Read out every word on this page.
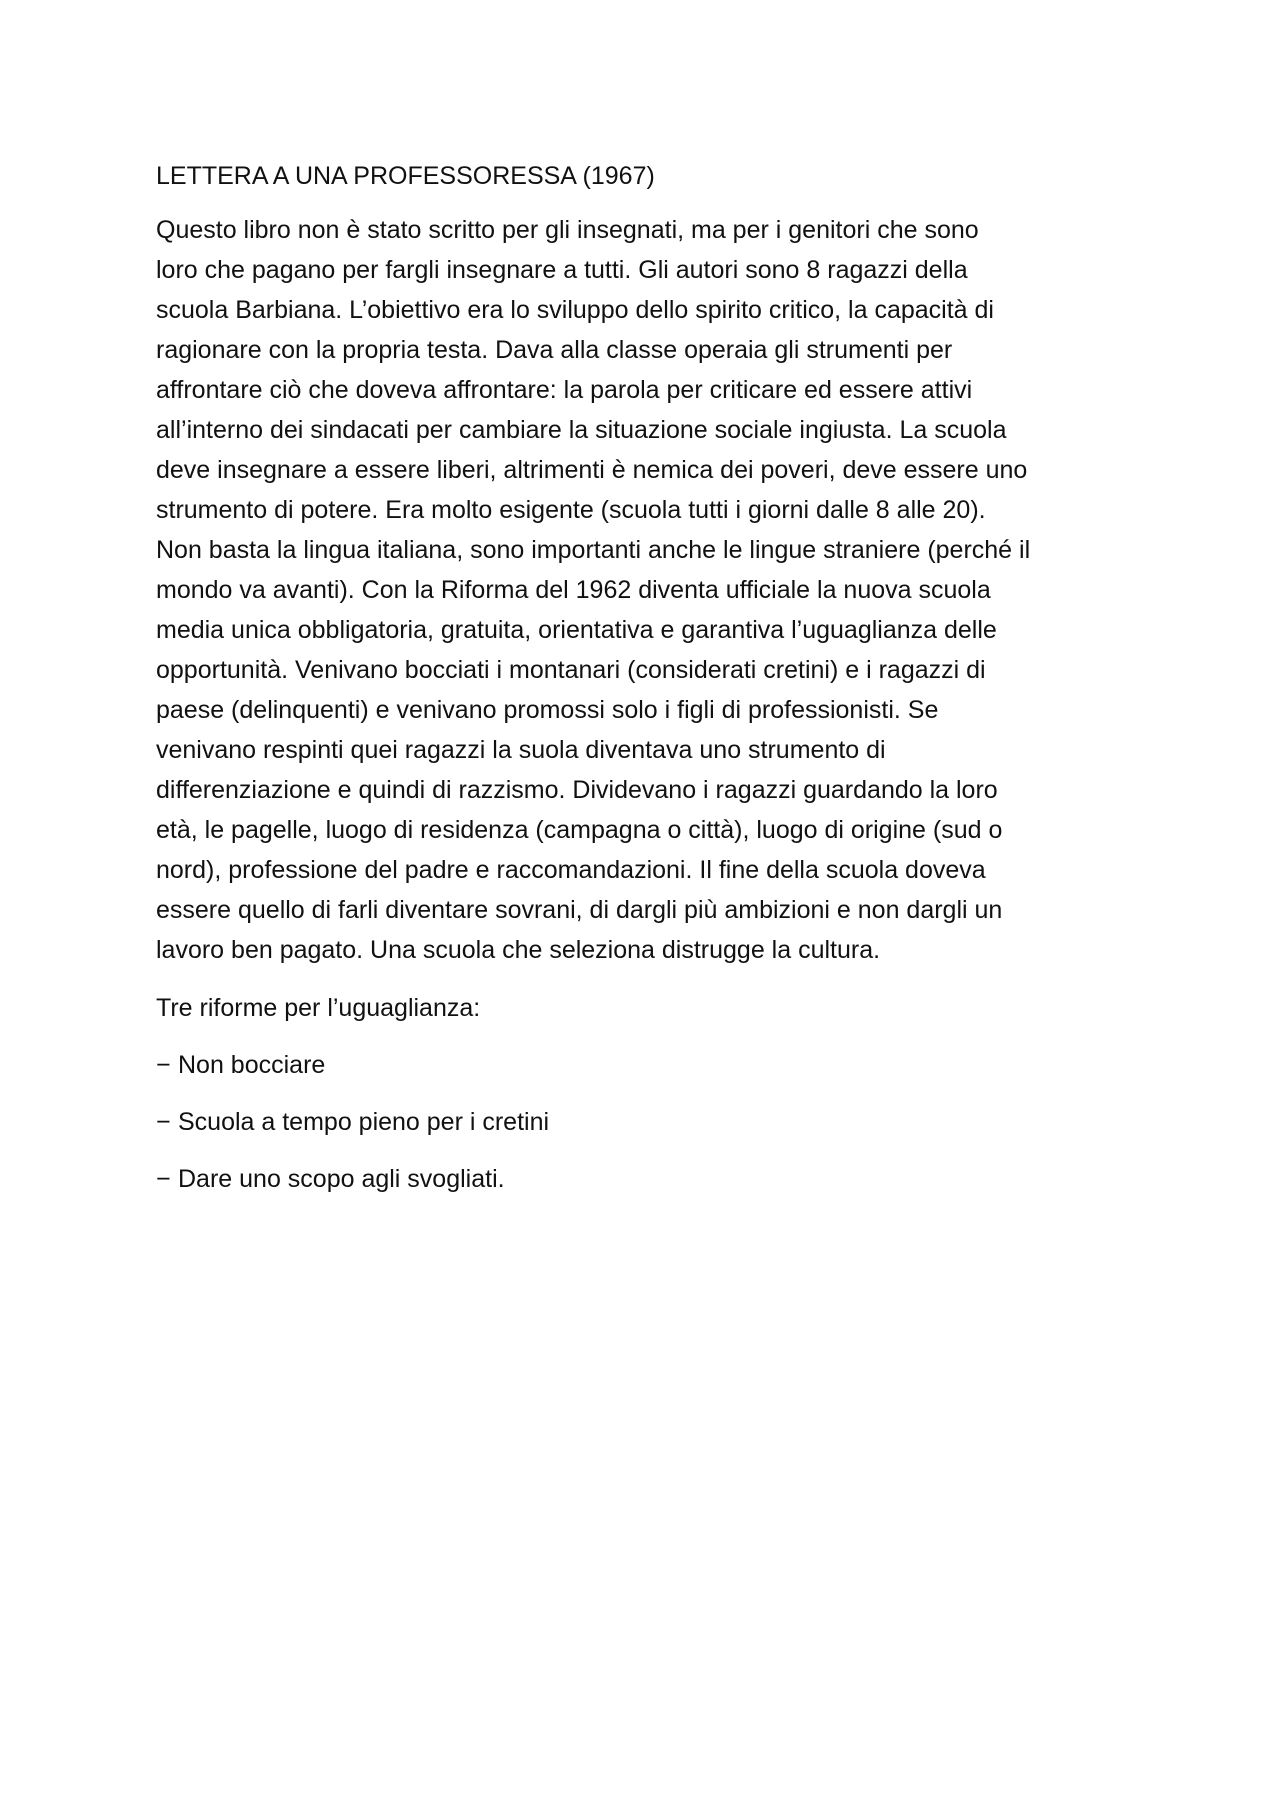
LETTERA A UNA PROFESSORESSA (1967)
Questo libro non è stato scritto per gli insegnati, ma per i genitori che sono
loro che pagano per fargli insegnare a tutti. Gli autori sono 8 ragazzi della
scuola Barbiana. L’obiettivo era lo sviluppo dello spirito critico, la capacità di
ragionare con la propria testa. Dava alla classe operaia gli strumenti per
affrontare ciò che doveva affrontare: la parola per criticare ed essere attivi
all’interno dei sindacati per cambiare la situazione sociale ingiusta. La scuola
deve insegnare a essere liberi, altrimenti è nemica dei poveri, deve essere uno
strumento di potere. Era molto esigente (scuola tutti i giorni dalle 8 alle 20).
Non basta la lingua italiana, sono importanti anche le lingue straniere (perché il
mondo va avanti). Con la Riforma del 1962 diventa ufficiale la nuova scuola
media unica obbligatoria, gratuita, orientativa e garantiva l’uguaglianza delle
opportunità. Venivano bocciati i montanari (considerati cretini) e i ragazzi di
paese (delinquenti) e venivano promossi solo i figli di professionisti. Se
venivano respinti quei ragazzi la suola diventava uno strumento di
differenziazione e quindi di razzismo. Dividevano i ragazzi guardando la loro
età, le pagelle, luogo di residenza (campagna o città), luogo di origine (sud o
nord), professione del padre e raccomandazioni. Il fine della scuola doveva
essere quello di farli diventare sovrani, di dargli più ambizioni e non dargli un
lavoro ben pagato. Una scuola che seleziona distrugge la cultura.
Tre riforme per l’uguaglianza:
− Non bocciare
− Scuola a tempo pieno per i cretini
− Dare uno scopo agli svogliati.
